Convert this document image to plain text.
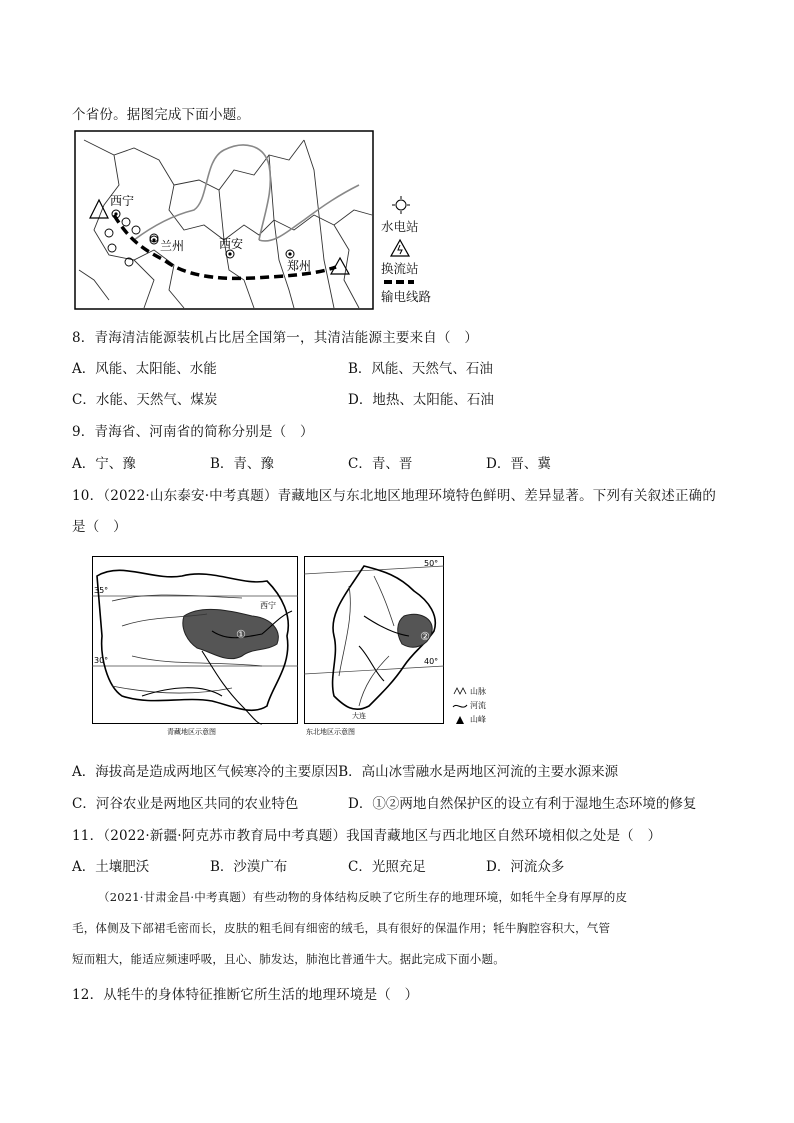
个省份。据图完成下面小题。
西宁
兰州	西安
郑州
水电站
换流站
输电线路
8．青海清洁能源装机占比居全国第一，其清洁能源主要来自（　）
A．风能、太阳能、水能	B．风能、天然气、石油
C．水能、天然气、煤炭	D．地热、太阳能、石油
9．青海省、河南省的简称分别是（　）
A．宁、豫	B．青、豫	C．青、晋	D．晋、冀
10．（2022·山东泰安·中考真题）青藏地区与东北地区地理环境特色鲜明、差异显著。下列有关叙述正确的
是（　）
35°
30°
西宁
①
青藏地区示意图
50°
40°
②
大连
东北地区示意图
山脉
河流
山峰
A．海拔高是造成两地区气候寒冷的主要原因B．高山冰雪融水是两地区河流的主要水源来源
C．河谷农业是两地区共同的农业特色	D．①②两地自然保护区的设立有利于湿地生态环境的修复
11．（2022·新疆·阿克苏市教育局中考真题）我国青藏地区与西北地区自然环境相似之处是（　）
A．土壤肥沃	B．沙漠广布	C．光照充足	D．河流众多
（2021·甘肃金昌·中考真题）有些动物的身体结构反映了它所生存的地理环境，如牦牛全身有厚厚的皮
毛，体侧及下部裙毛密而长，皮肤的粗毛间有细密的绒毛，具有很好的保温作用；牦牛胸腔容积大，气管
短而粗大，能适应频速呼吸，且心、肺发达，肺泡比普通牛大。据此完成下面小题。
12．从牦牛的身体特征推断它所生活的地理环境是（　）
